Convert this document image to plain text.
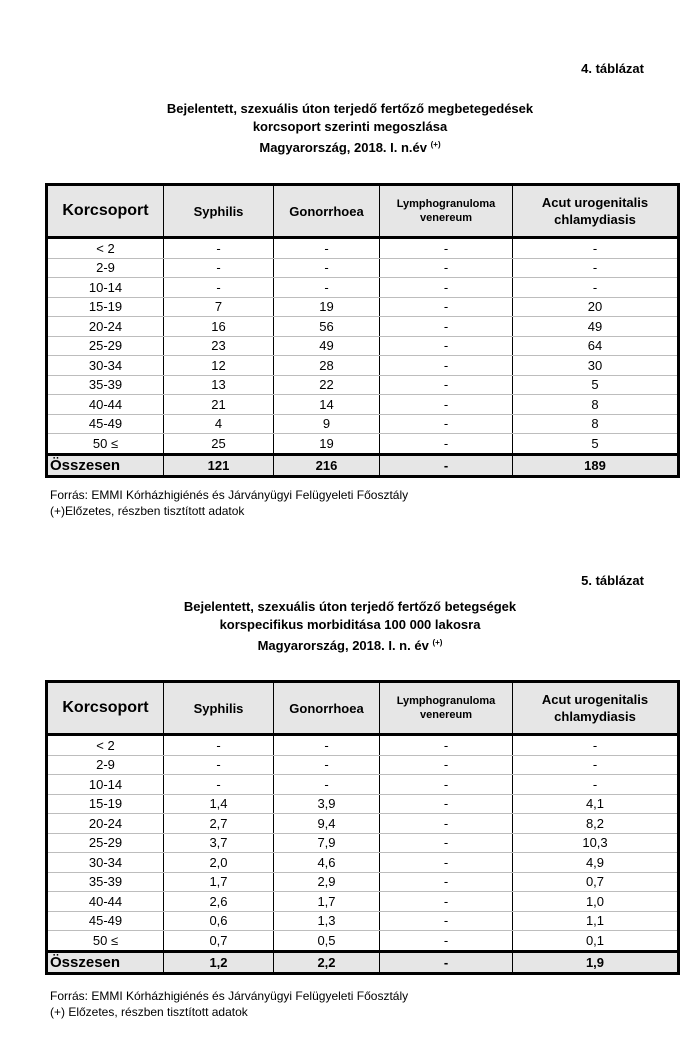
4. táblázat
Bejelentett, szexuális úton terjedő fertőző megbetegedések
korcsoport szerinti megoszlása
Magyarország, 2018. I. n.év (+)
Korcsoport	Syphilis	Gonorrhoea	Lymphogranuloma venereum	Acut urogenitalis chlamydiasis
< 2	-	-	-	-
2-9	-	-	-	-
10-14	-	-	-	-
15-19	7	19	-	20
20-24	16	56	-	49
25-29	23	49	-	64
30-34	12	28	-	30
35-39	13	22	-	5
40-44	21	14	-	8
45-49	4	9	-	8
50 ≤	25	19	-	5
Összesen	121	216	-	189
Forrás: EMMI Kórházhigiénés és Járványügyi Felügyeleti Főosztály
(+)Előzetes, részben tisztított adatok
5. táblázat
Bejelentett, szexuális úton terjedő fertőző betegségek
korspecifikus morbiditása 100 000 lakosra
Magyarország, 2018. I. n. év (+)
Korcsoport	Syphilis	Gonorrhoea	Lymphogranuloma venereum	Acut urogenitalis chlamydiasis
< 2	-	-	-	-
2-9	-	-	-	-
10-14	-	-	-	-
15-19	1,4	3,9	-	4,1
20-24	2,7	9,4	-	8,2
25-29	3,7	7,9	-	10,3
30-34	2,0	4,6	-	4,9
35-39	1,7	2,9	-	0,7
40-44	2,6	1,7	-	1,0
45-49	0,6	1,3	-	1,1
50 ≤	0,7	0,5	-	0,1
Összesen	1,2	2,2	-	1,9
Forrás: EMMI Kórházhigiénés és Járványügyi Felügyeleti Főosztály
(+) Előzetes, részben tisztított adatok
